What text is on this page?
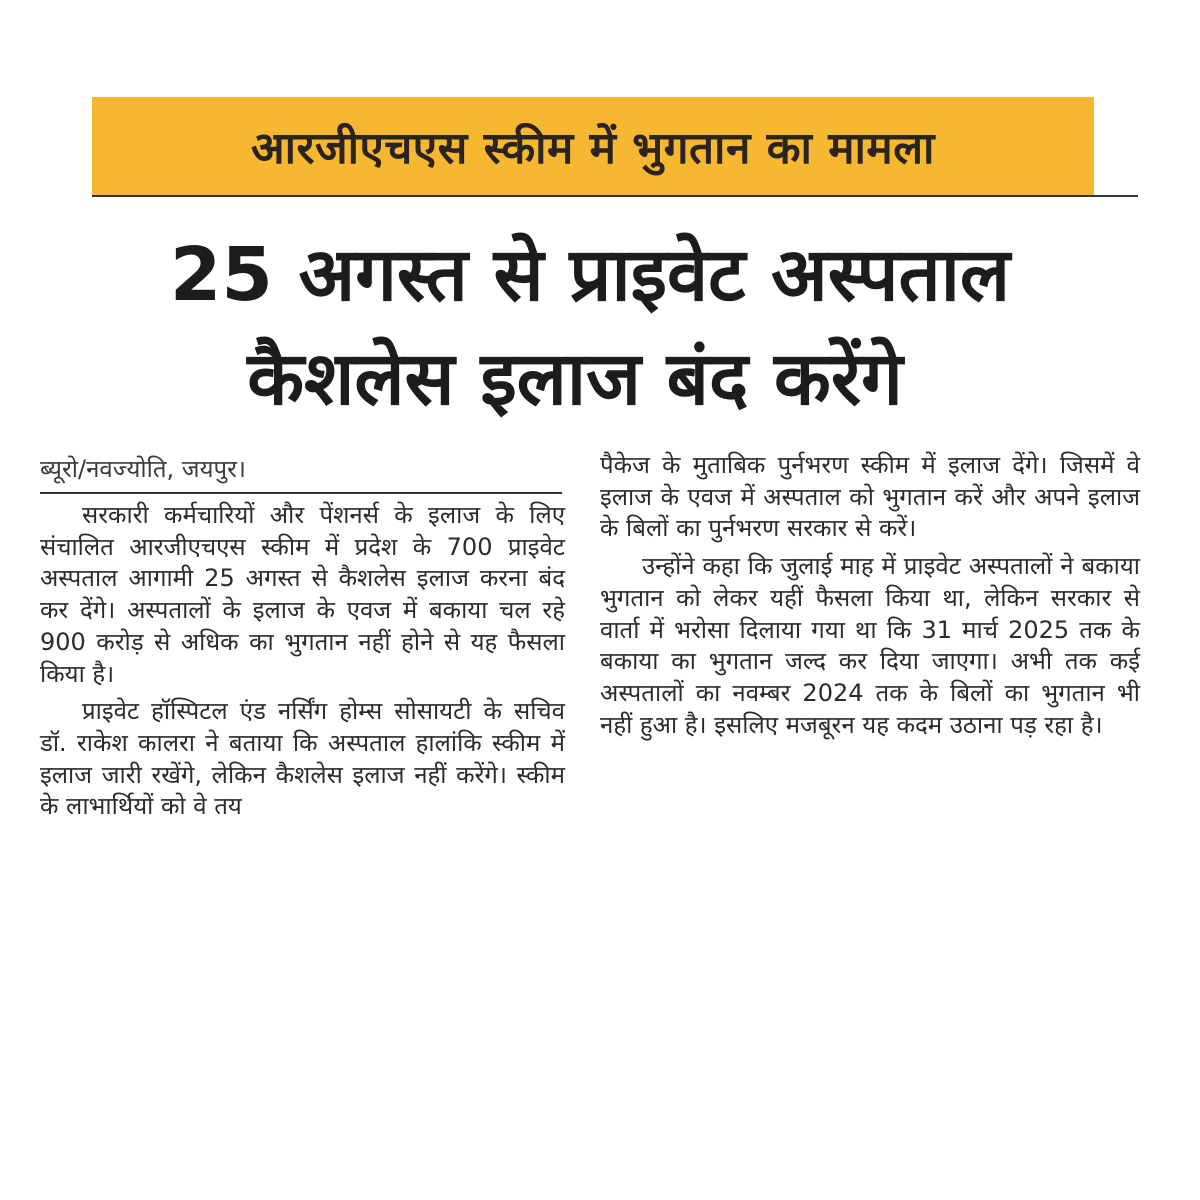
आरजीएचएस स्कीम में भुगतान का मामला
25 अगस्त से प्राइवेट अस्पताल
कैशलेस इलाज बंद करेंगे
ब्यूरो/नवज्योति, जयपुर।

सरकारी कर्मचारियों और पेंशनर्स के इलाज के लिए संचालित आरजीएचएस स्कीम में प्रदेश के 700 प्राइवेट अस्पताल आगामी 25 अगस्त से कैशलेस इलाज करना बंद कर देंगे। अस्पतालों के इलाज के एवज में बकाया चल रहे 900 करोड़ से अधिक का भुगतान नहीं होने से यह फैसला किया है।

प्राइवेट हॉस्पिटल एंड नर्सिंग होम्स सोसायटी के सचिव डॉ. राकेश कालरा ने बताया कि अस्पताल हालांकि स्कीम में इलाज जारी रखेंगे, लेकिन कैशलेस इलाज नहीं करेंगे। स्कीम के लाभार्थियों को वे तय

पैकेज के मुताबिक पुर्नभरण स्कीम में इलाज देंगे। जिसमें वे इलाज के एवज में अस्पताल को भुगतान करें और अपने इलाज के बिलों का पुर्नभरण सरकार से करें।

उन्होंने कहा कि जुलाई माह में प्राइवेट अस्पतालों ने बकाया भुगतान को लेकर यहीं फैसला किया था, लेकिन सरकार से वार्ता में भरोसा दिलाया गया था कि 31 मार्च 2025 तक के बकाया का भुगतान जल्द कर दिया जाएगा। अभी तक कई अस्पतालों का नवम्बर 2024 तक के बिलों का भुगतान भी नहीं हुआ है। इसलिए मजबूरन यह कदम उठाना पड़ रहा है।
